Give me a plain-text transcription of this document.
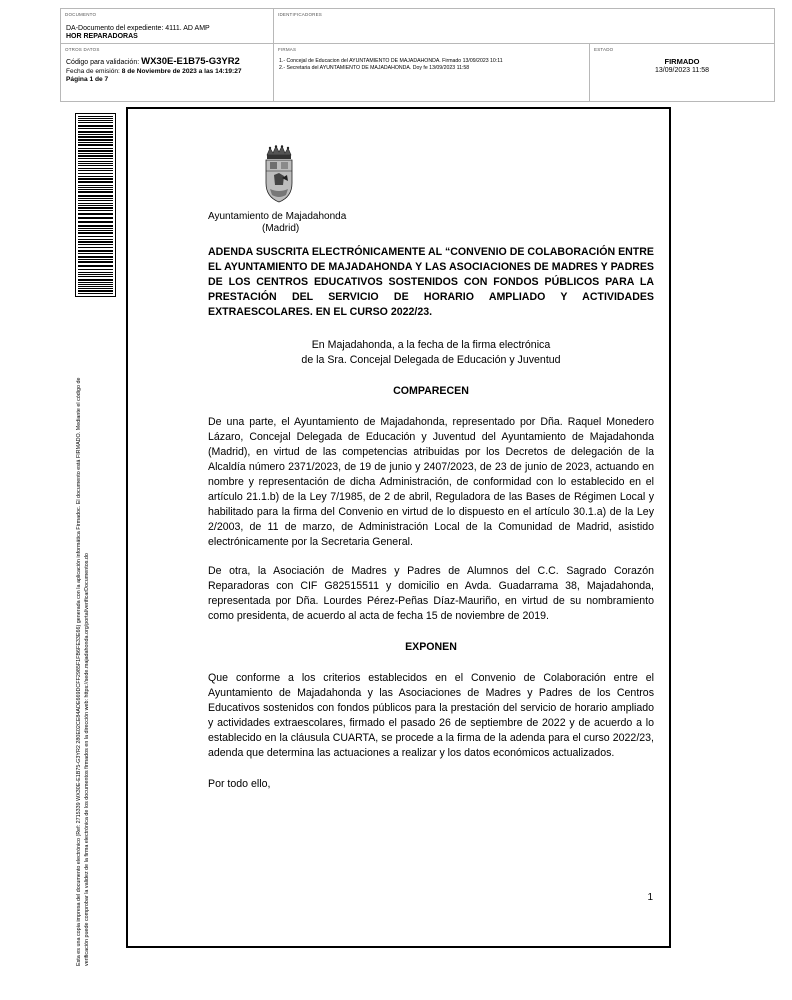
DOCUMENTO
DA-Documento del expediente: 4111. AD AMP
HOR REPARADORAS
IDENTIFICADORES
OTROS DATOS
Código para validación: WX30E-E1B75-G3YR2
Fecha de emisión: 8 de Noviembre de 2023 a las 14:19:27
Página 1 de 7
FIRMAS
1.- Concejal de Educacion del AYUNTAMIENTO DE MAJADAHONDA. Firmado 13/09/2023 10:11
2.- Secretaria del AYUNTAMIENTO DE MAJADAHONDA. Doy fe 13/09/2023 11:58
ESTADO
FIRMADO
13/09/2023 11:58
Esta es una copia impresa del documento electrónico (Ref: 2715339 WX30E-E1B75-G3YR2 280E02CE84ADE669DCFF2985F1FB6FE33E66) generada con la aplicación informática Firmadoc. El documento está FIRMADO. Mediante el código de verificación puede comprobar la validez de la firma electrónica de los documentos firmados en la dirección web: https://sede.majadahonda.org/portal/verificarDocumentos.do
Ayuntamiento de Majadahonda
(Madrid)

ADENDA SUSCRITA ELECTRÓNICAMENTE AL “CONVENIO DE COLABORACIÓN ENTRE EL AYUNTAMIENTO DE MAJADAHONDA Y LAS ASOCIACIONES DE MADRES Y PADRES DE LOS CENTROS EDUCATIVOS SOSTENIDOS CON FONDOS PÚBLICOS PARA LA PRESTACIÓN DEL SERVICIO DE HORARIO AMPLIADO Y ACTIVIDADES EXTRAESCOLARES. EN EL CURSO 2022/23.

En Majadahonda, a la fecha de la firma electrónica
de la Sra. Concejal Delegada de Educación y Juventud

COMPARECEN

De una parte, el Ayuntamiento de Majadahonda, representado por Dña. Raquel Monedero Lázaro, Concejal Delegada de Educación y Juventud del Ayuntamiento de Majadahonda (Madrid), en virtud de las competencias atribuidas por los Decretos de delegación de la Alcaldía número 2371/2023, de 19 de junio y 2407/2023, de 23 de junio de 2023, actuando en nombre y representación de dicha Administración, de conformidad con lo establecido en el artículo 21.1.b) de la Ley 7/1985, de 2 de abril, Reguladora de las Bases de Régimen Local y habilitado para la firma del Convenio en virtud de lo dispuesto en el artículo 30.1.a) de la Ley 2/2003, de 11 de marzo, de Administración Local de la Comunidad de Madrid, asistido electrónicamente por la Secretaria General.

De otra, la Asociación de Madres y Padres de Alumnos del C.C. Sagrado Corazón Reparadoras con CIF G82515511 y domicilio en Avda. Guadarrama 38, Majadahonda, representada por Dña. Lourdes Pérez-Peñas Díaz-Mauriño, en virtud de su nombramiento como presidenta, de acuerdo al acta de fecha 15 de noviembre de 2019.

EXPONEN

Que conforme a los criterios establecidos en el Convenio de Colaboración entre el Ayuntamiento de Majadahonda y las Asociaciones de Madres y Padres de los Centros Educativos sostenidos con fondos públicos para la prestación del servicio de horario ampliado y actividades extraescolares, firmado el pasado 26 de septiembre de 2022 y de acuerdo a lo establecido en la cláusula CUARTA, se procede a la firma de la adenda para el curso 2022/23, adenda que determina las actuaciones a realizar y los datos económicos actualizados.

Por todo ello,

1
